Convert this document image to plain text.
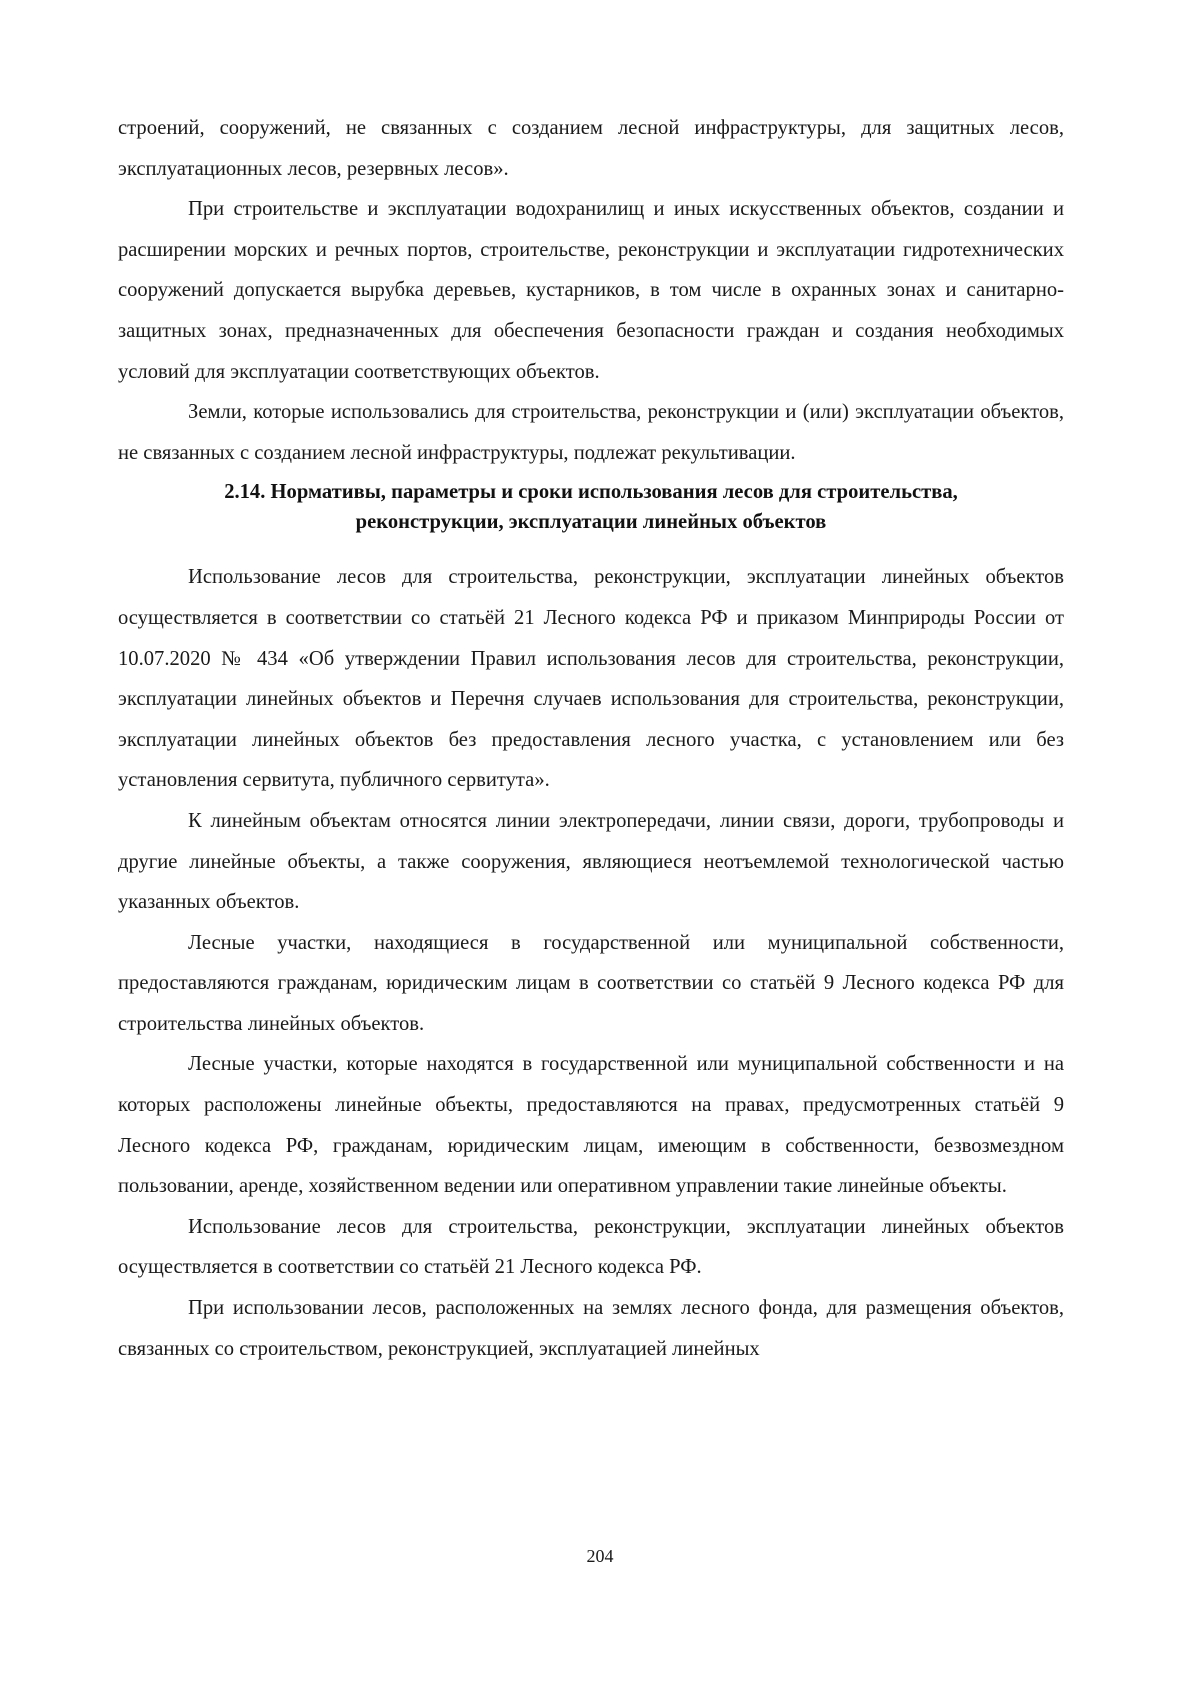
строений, сооружений, не связанных с созданием лесной инфраструктуры, для защитных лесов, эксплуатационных лесов, резервных лесов».

При строительстве и эксплуатации водохранилищ и иных искусственных объектов, создании и расширении морских и речных портов, строительстве, реконструкции и эксплуатации гидротехнических сооружений допускается вырубка деревьев, кустарников, в том числе в охранных зонах и санитарно-защитных зонах, предназначенных для обеспечения безопасности граждан и создания необходимых условий для эксплуатации соответствующих объектов.

Земли, которые использовались для строительства, реконструкции и (или) эксплуатации объектов, не связанных с созданием лесной инфраструктуры, подлежат рекультивации.

2.14. Нормативы, параметры и сроки использования лесов для строительства,
реконструкции, эксплуатации линейных объектов

Использование лесов для строительства, реконструкции, эксплуатации линейных объектов осуществляется в соответствии со статьёй 21 Лесного кодекса РФ и приказом Минприроды России от 10.07.2020 № 434 «Об утверждении Правил использования лесов для строительства, реконструкции, эксплуатации линейных объектов и Перечня случаев использования для строительства, реконструкции, эксплуатации линейных объектов без предоставления лесного участка, с установлением или без установления сервитута, публичного сервитута».

К линейным объектам относятся линии электропередачи, линии связи, дороги, трубопроводы и другие линейные объекты, а также сооружения, являющиеся неотъемлемой технологической частью указанных объектов.

Лесные участки, находящиеся в государственной или муниципальной собственности, предоставляются гражданам, юридическим лицам в соответствии со статьёй 9 Лесного кодекса РФ для строительства линейных объектов.

Лесные участки, которые находятся в государственной или муниципальной собственности и на которых расположены линейные объекты, предоставляются на правах, предусмотренных статьёй 9 Лесного кодекса РФ, гражданам, юридическим лицам, имеющим в собственности, безвозмездном пользовании, аренде, хозяйственном ведении или оперативном управлении такие линейные объекты.

Использование лесов для строительства, реконструкции, эксплуатации линейных объектов осуществляется в соответствии со статьёй 21 Лесного кодекса РФ.

При использовании лесов, расположенных на землях лесного фонда, для размещения объектов, связанных со строительством, реконструкцией, эксплуатацией линейных

204
